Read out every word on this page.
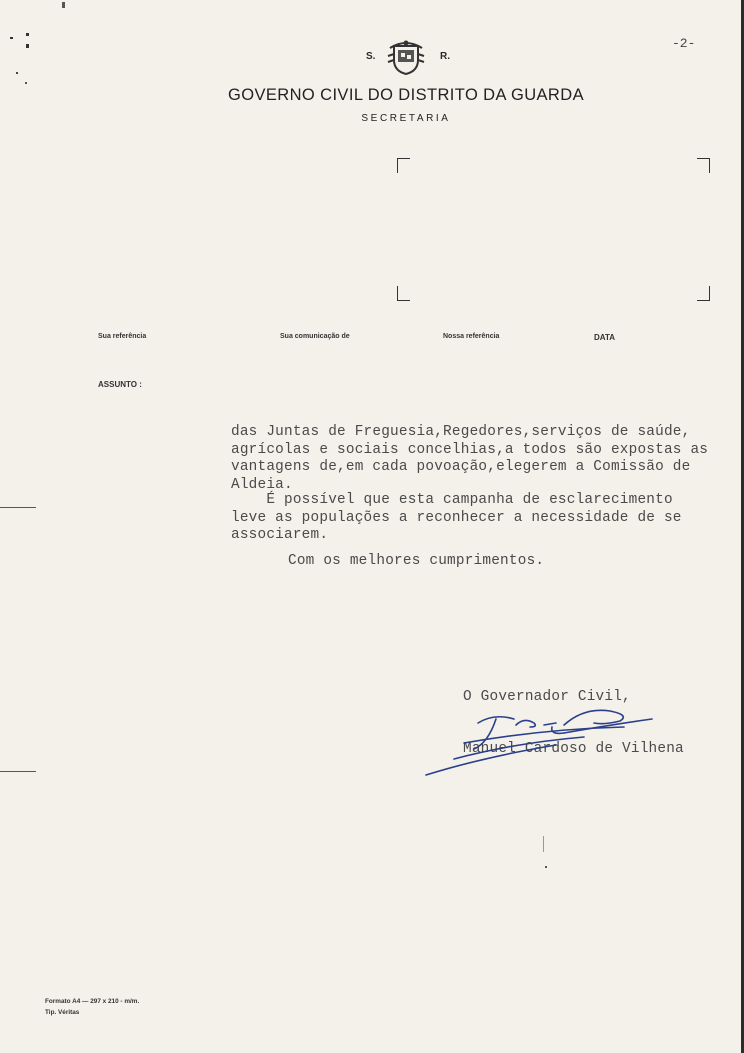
-2-
S.	R.
GOVERNO CIVIL DO DISTRITO DA GUARDA
SECRETARIA
Sua referência	Sua comunicação de	Nossa referência	DATA
ASSUNTO :
das Juntas de Freguesia,Regedores,serviços de saúde,
agrícolas e sociais concelhias,a todos são expostas as
vantagens de,em cada povoação,elegerem a Comissão de
Aldeia.
É possível que esta campanha de esclarecimento
leve as populações a reconhecer a necessidade de se
associarem.
Com os melhores cumprimentos.
O Governador Civil,
Manuel Cardoso de Vilhena
Formato A4 — 297 x 210 - m/m.
Tip. Véritas
